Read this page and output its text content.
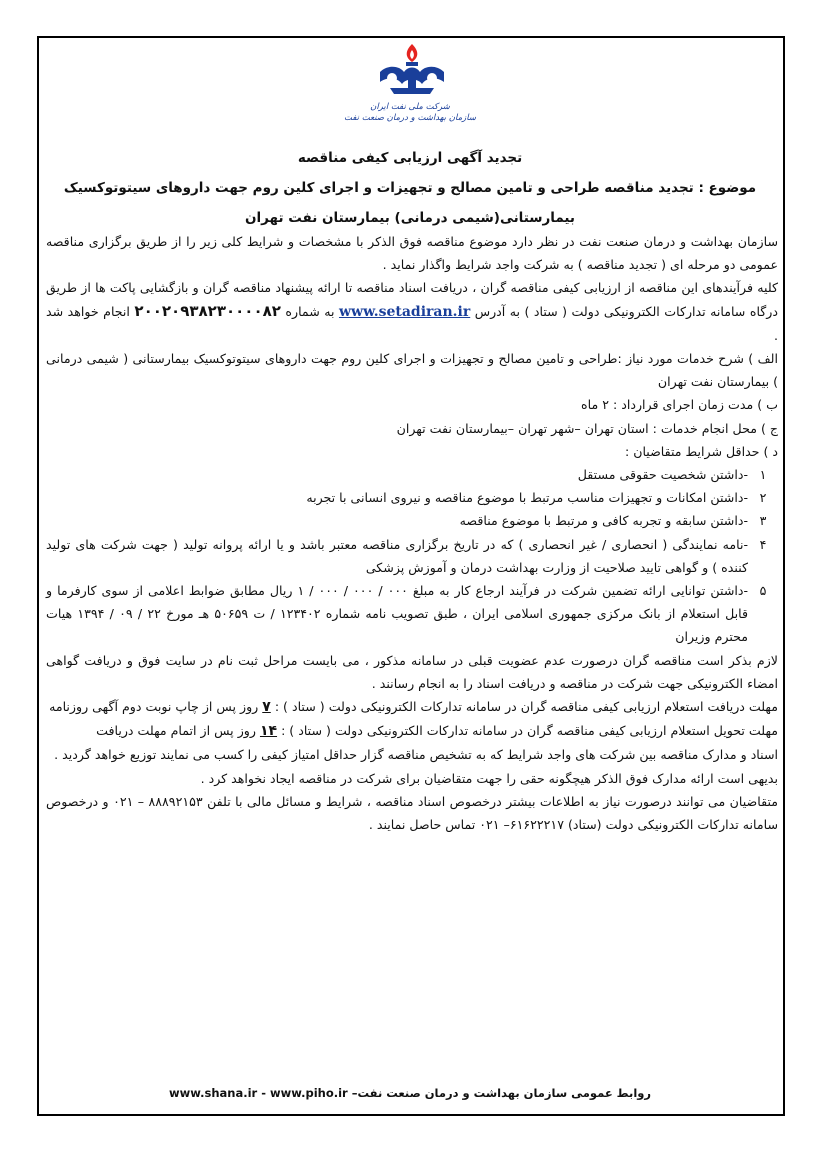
شرکت ملی نفت ایران
سازمان بهداشت و درمان صنعت نفت
تجدید آگهی ارزیابی کیفی مناقصه
موضوع : تجدید مناقصه طراحی و تامین مصالح و تجهیزات و اجرای کلین روم جهت داروهای سیتوتوکسیک
بیمارستانی(شیمی درمانی) بیمارستان نفت تهران

سازمان بهداشت و درمان صنعت نفت در نظر دارد موضوع مناقصه فوق الذکر با مشخصات و شرایط کلی زیر را از طریق برگزاری مناقصه عمومی دو مرحله ای ( تجدید مناقصه ) به شرکت واجد شرایط واگذار نماید .

کلیه فرآیندهای این مناقصه از ارزیابی کیفی مناقصه گران ، دریافت اسناد مناقصه تا ارائه پیشنهاد مناقصه گران و بازگشایی پاکت ها از طریق درگاه سامانه تدارکات الکترونیکی دولت ( ستاد ) به آدرس www.setadiran.ir به شماره ۲۰۰۲۰۹۳۸۲۳۰۰۰۰۸۲ انجام خواهد شد .

الف ) شرح خدمات مورد نیاز :طراحی و تامین مصالح و تجهیزات و اجرای کلین روم جهت داروهای سیتوتوکسیک بیمارستانی ( شیمی درمانی ) بیمارستان نفت تهران

ب ) مدت زمان اجرای قرارداد : ۲ ماه

ج ) محل انجام خدمات : استان تهران –شهر تهران –بیمارستان نفت تهران

د ) حداقل شرایط متقاضیان :

۱
-داشتن شخصیت حقوقی مستقل
۲
-داشتن امکانات و تجهیزات مناسب مرتبط با موضوع مناقصه و نیروی انسانی با تجربه
۳
-داشتن سابقه و تجربه کافی و مرتبط با موضوع مناقصه
۴
-نامه نمایندگی ( انحصاری / غیر انحصاری ) که در تاریخ برگزاری مناقصه معتبر باشد و یا ارائه پروانه تولید ( جهت شرکت های تولید کننده ) و گواهی تایید صلاحیت از وزارت بهداشت درمان و آموزش پزشکی
۵
-داشتن توانایی ارائه تضمین شرکت در فرآیند ارجاع کار به مبلغ ۰۰۰ / ۰۰۰ / ۰۰۰ / ۱ ریال مطابق ضوابط اعلامی از سوی کارفرما و قابل استعلام از بانک مرکزی جمهوری اسلامی ایران ، طبق تصویب نامه شماره ۱۲۳۴۰۲ / ت ۵۰۶۵۹ هـ مورخ ۲۲ / ۰۹ / ۱۳۹۴ هیات محترم وزیران

لازم بذکر است مناقصه گران درصورت عدم عضویت قبلی در سامانه مذکور ، می بایست مراحل ثبت نام در سایت فوق و دریافت گواهی امضاء الکترونیکی جهت شرکت در مناقصه و دریافت اسناد را به انجام رسانند .

مهلت دریافت استعلام ارزیابی کیفی مناقصه گران در سامانه تدارکات الکترونیکی دولت ( ستاد ) : ۷ روز پس از چاپ نوبت دوم آگهی روزنامه

مهلت تحویل استعلام ارزیابی کیفی مناقصه گران در سامانه تدارکات الکترونیکی دولت ( ستاد ) : ۱۴ روز پس از اتمام مهلت دریافت

اسناد و مدارک مناقصه بین شرکت های واجد شرایط که به تشخیص مناقصه گزار حداقل امتیاز کیفی را کسب می نمایند توزیع خواهد گردید .

بدیهی است ارائه مدارک فوق الذکر هیچگونه حقی را جهت متقاضیان برای شرکت در مناقصه ایجاد نخواهد کرد .

متقاضیان می توانند درصورت نیاز به اطلاعات بیشتر درخصوص اسناد مناقصه ، شرایط و مسائل مالی با تلفن ۸۸۸۹۲۱۵۳ – ۰۲۱ و درخصوص سامانه تدارکات الکترونیکی دولت (ستاد) ۶۱۶۲۲۲۱۷– ۰۲۱ تماس حاصل نمایند .

روابط عمومی سازمان بهداشت و درمان صنعت نفت– www.shana.ir - www.piho.ir
